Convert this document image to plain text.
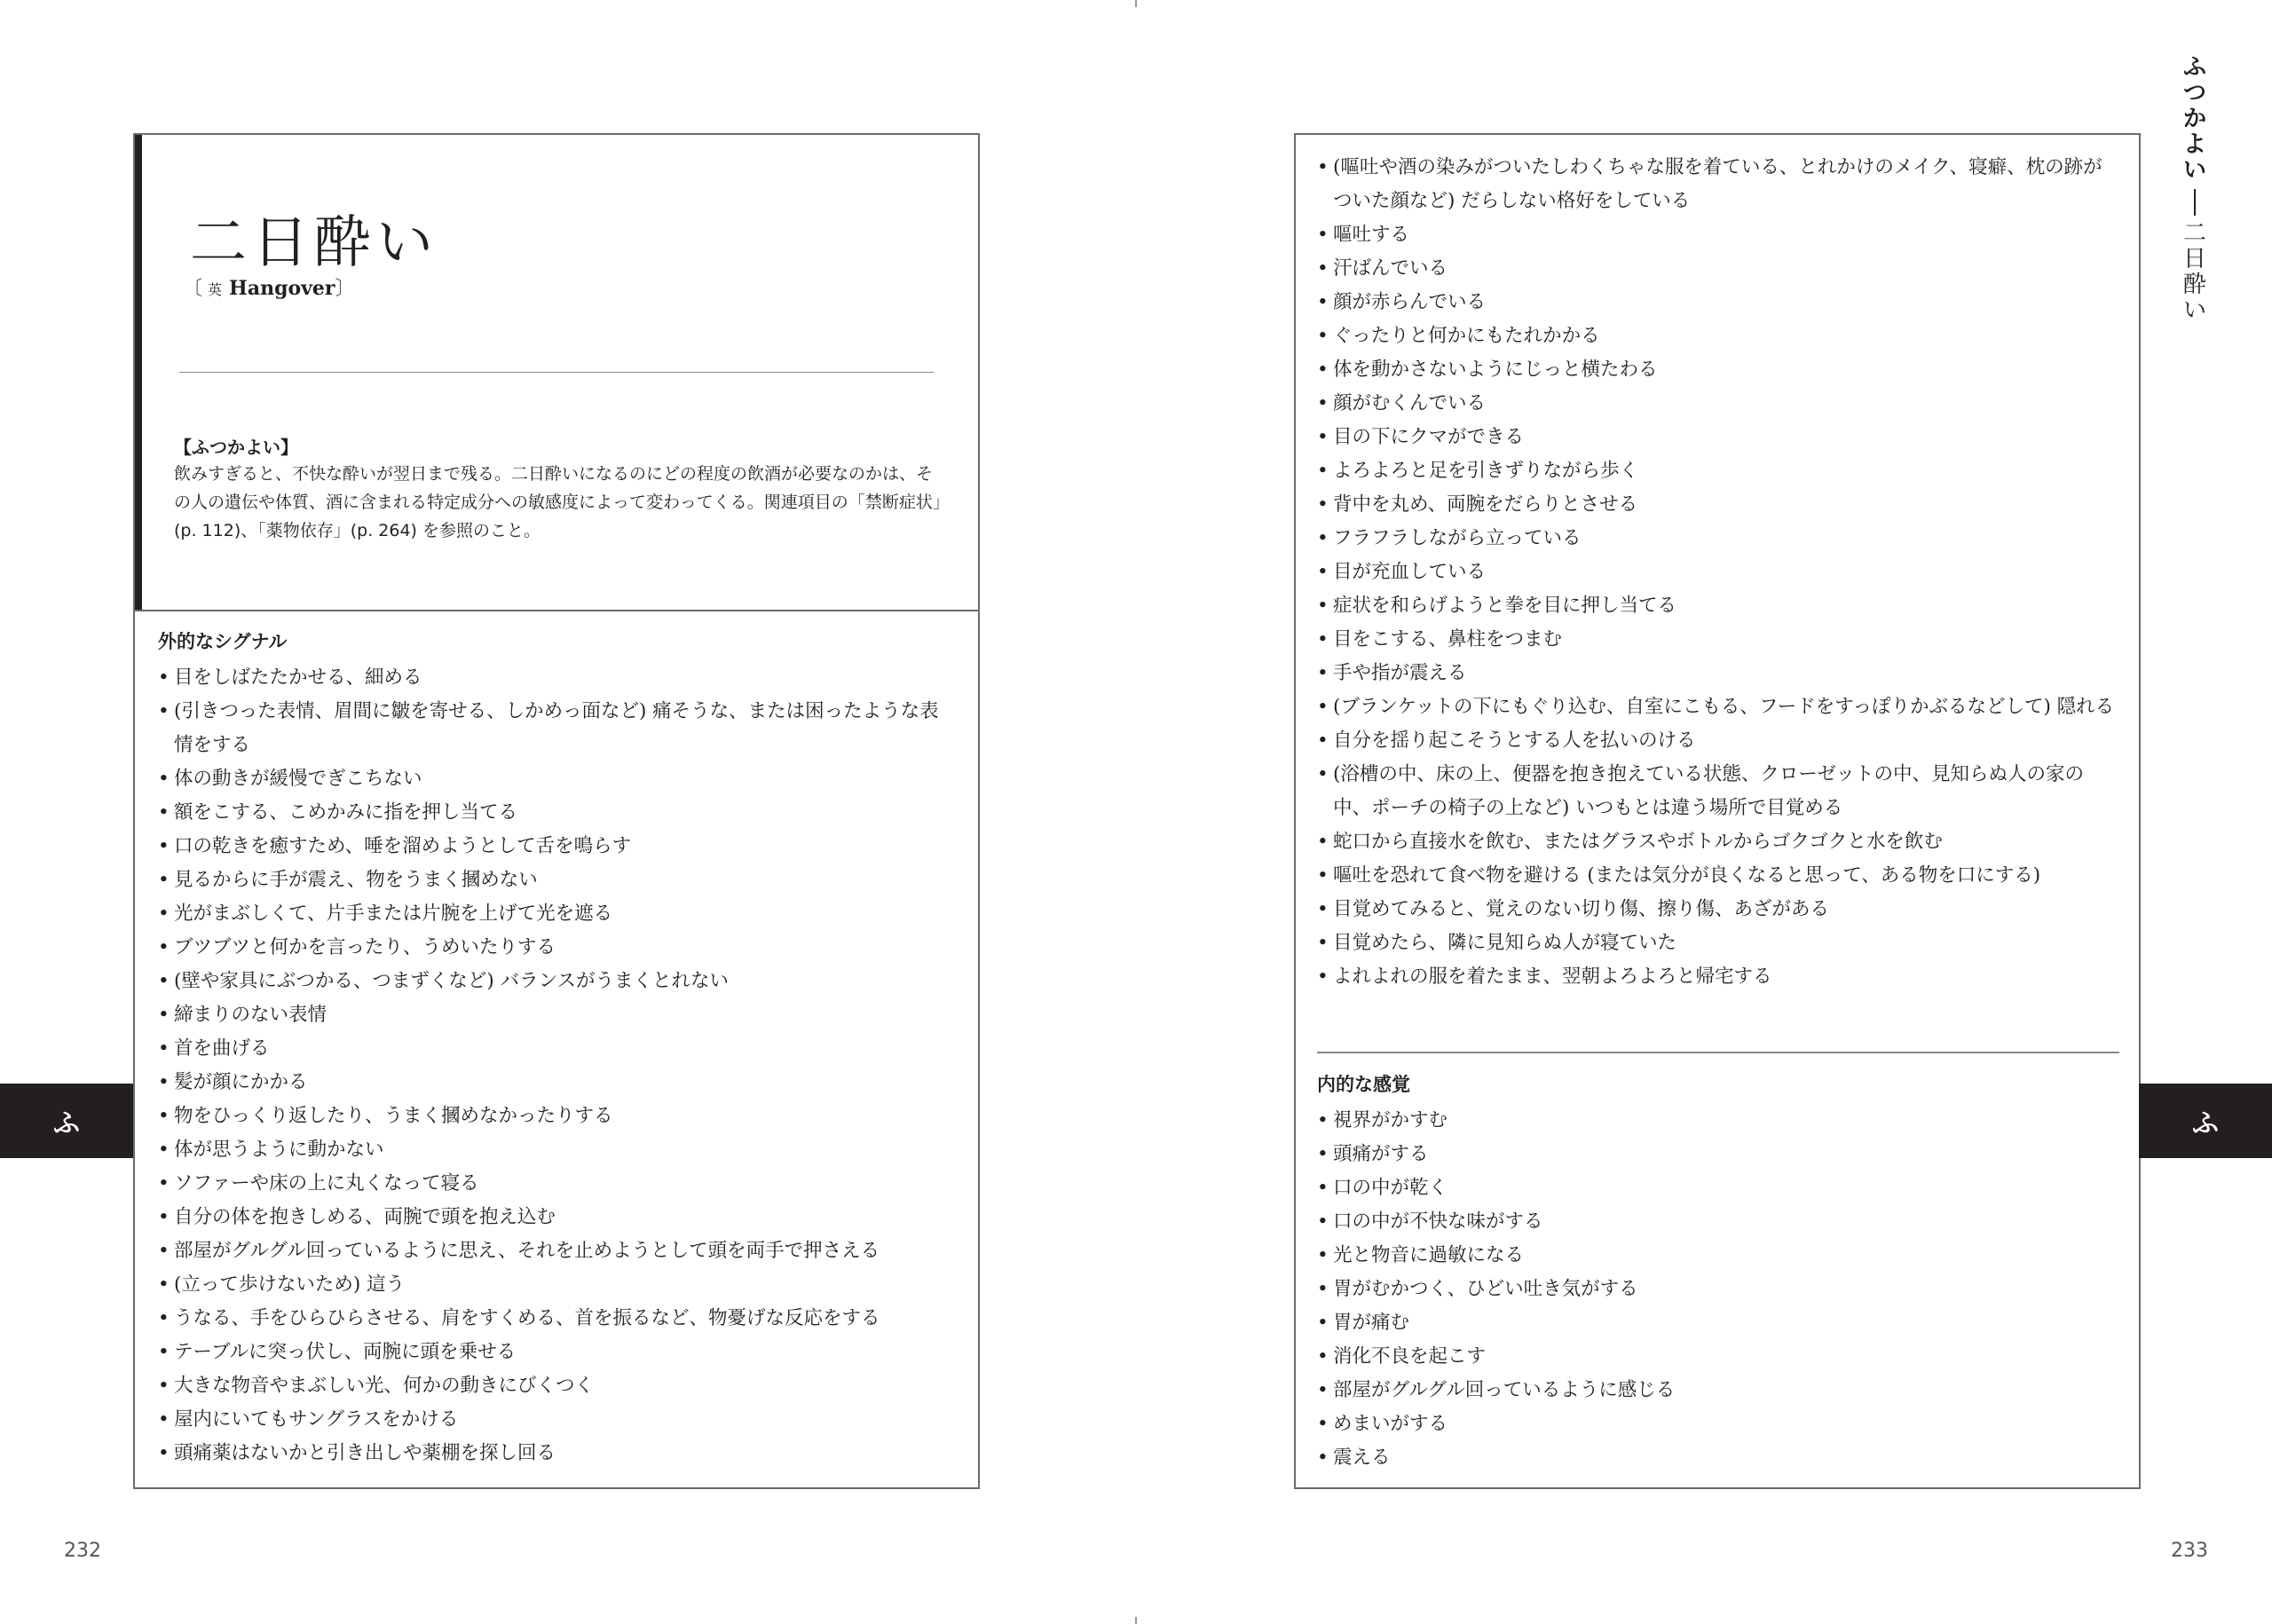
二日酔い
〔 英 Hangover〕
【ふつかよい】
飲みすぎると、不快な酔いが翌日まで残る。二日酔いになるのにどの程度の飲酒が必要なのかは、その人の遺伝や体質、酒に含まれる特定成分への敏感度によって変わってくる。関連項目の「禁断症状」(p. 112)、「薬物依存」(p. 264) を参照のこと。
外的なシグナル
• 目をしばたたかせる、細める
• (引きつった表情、眉間に皺を寄せる、しかめっ面など) 痛そうな、または困ったような表情をする
• 体の動きが緩慢でぎこちない
• 額をこする、こめかみに指を押し当てる
• 口の乾きを癒すため、唾を溜めようとして舌を鳴らす
• 見るからに手が震え、物をうまく摑めない
• 光がまぶしくて、片手または片腕を上げて光を遮る
• ブツブツと何かを言ったり、うめいたりする
• (壁や家具にぶつかる、つまずくなど) バランスがうまくとれない
• 締まりのない表情
• 首を曲げる
• 髪が顔にかかる
• 物をひっくり返したり、うまく摑めなかったりする
• 体が思うように動かない
• ソファーや床の上に丸くなって寝る
• 自分の体を抱きしめる、両腕で頭を抱え込む
• 部屋がグルグル回っているように思え、それを止めようとして頭を両手で押さえる
• (立って歩けないため) 這う
• うなる、手をひらひらさせる、肩をすくめる、首を振るなど、物憂げな反応をする
• テーブルに突っ伏し、両腕に頭を乗せる
• 大きな物音やまぶしい光、何かの動きにびくつく
• 屋内にいてもサングラスをかける
• 頭痛薬はないかと引き出しや薬棚を探し回る
• (嘔吐や酒の染みがついたしわくちゃな服を着ている、とれかけのメイク、寝癖、枕の跡がついた顔など) だらしない格好をしている
• 嘔吐する
• 汗ばんでいる
• 顔が赤らんでいる
• ぐったりと何かにもたれかかる
• 体を動かさないようにじっと横たわる
• 顔がむくんでいる
• 目の下にクマができる
• よろよろと足を引きずりながら歩く
• 背中を丸め、両腕をだらりとさせる
• フラフラしながら立っている
• 目が充血している
• 症状を和らげようと拳を目に押し当てる
• 目をこする、鼻柱をつまむ
• 手や指が震える
• (ブランケットの下にもぐり込む、自室にこもる、フードをすっぽりかぶるなどして) 隠れる
• 自分を揺り起こそうとする人を払いのける
• (浴槽の中、床の上、便器を抱き抱えている状態、クローゼットの中、見知らぬ人の家の中、ポーチの椅子の上など) いつもとは違う場所で目覚める
• 蛇口から直接水を飲む、またはグラスやボトルからゴクゴクと水を飲む
• 嘔吐を恐れて食べ物を避ける (または気分が良くなると思って、ある物を口にする)
• 目覚めてみると、覚えのない切り傷、擦り傷、あざがある
• 目覚めたら、隣に見知らぬ人が寝ていた
• よれよれの服を着たまま、翌朝よろよろと帰宅する
内的な感覚
• 視界がかすむ
• 頭痛がする
• 口の中が乾く
• 口の中が不快な味がする
• 光と物音に過敏になる
• 胃がむかつく、ひどい吐き気がする
• 胃が痛む
• 消化不良を起こす
• 部屋がグルグル回っているように感じる
• めまいがする
• 震える
ふ	ふ
ふつかよい
二日酔い
232	233
